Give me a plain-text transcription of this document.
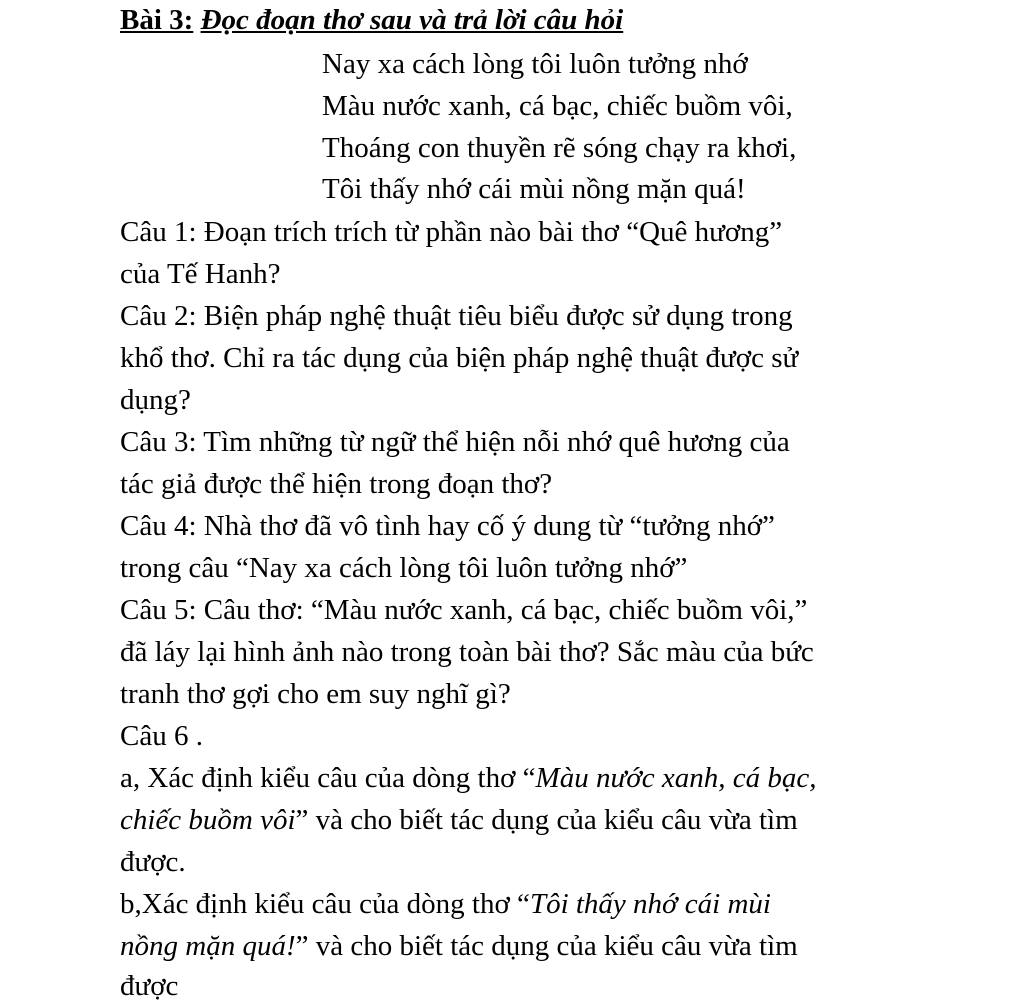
Bài 3: Đọc đoạn thơ sau và trả lời câu hỏi
Nay xa cách lòng tôi luôn tưởng nhớ
Màu nước xanh, cá bạc, chiếc buồm vôi,
Thoáng con thuyền rẽ sóng chạy ra khơi,
Tôi thấy nhớ cái mùi nồng mặn quá!
Câu 1: Đoạn trích trích từ phần nào bài thơ “Quê hương”
của Tế Hanh?
Câu 2: Biện pháp nghệ thuật tiêu biểu được sử dụng trong
khổ thơ. Chỉ ra tác dụng của biện pháp nghệ thuật được sử
dụng?
Câu 3: Tìm những từ ngữ thể hiện nỗi nhớ quê hương của
tác giả được thể hiện trong đoạn thơ?
Câu 4: Nhà thơ đã vô tình hay cố ý dung từ “tưởng nhớ”
trong câu “Nay xa cách lòng tôi luôn tưởng nhớ”
Câu 5: Câu thơ: “Màu nước xanh, cá bạc, chiếc buồm vôi,”
đã láy lại hình ảnh nào trong toàn bài thơ? Sắc màu của bức
tranh thơ gợi cho em suy nghĩ gì?
Câu 6 .
a, Xác định kiểu câu của dòng thơ “Màu nước xanh, cá bạc,
chiếc buồm vôi” và cho biết tác dụng của kiểu câu vừa tìm
được.
b,Xác định kiểu câu của dòng thơ “Tôi thấy nhớ cái mùi
nồng mặn quá!” và cho biết tác dụng của kiểu câu vừa tìm
được
